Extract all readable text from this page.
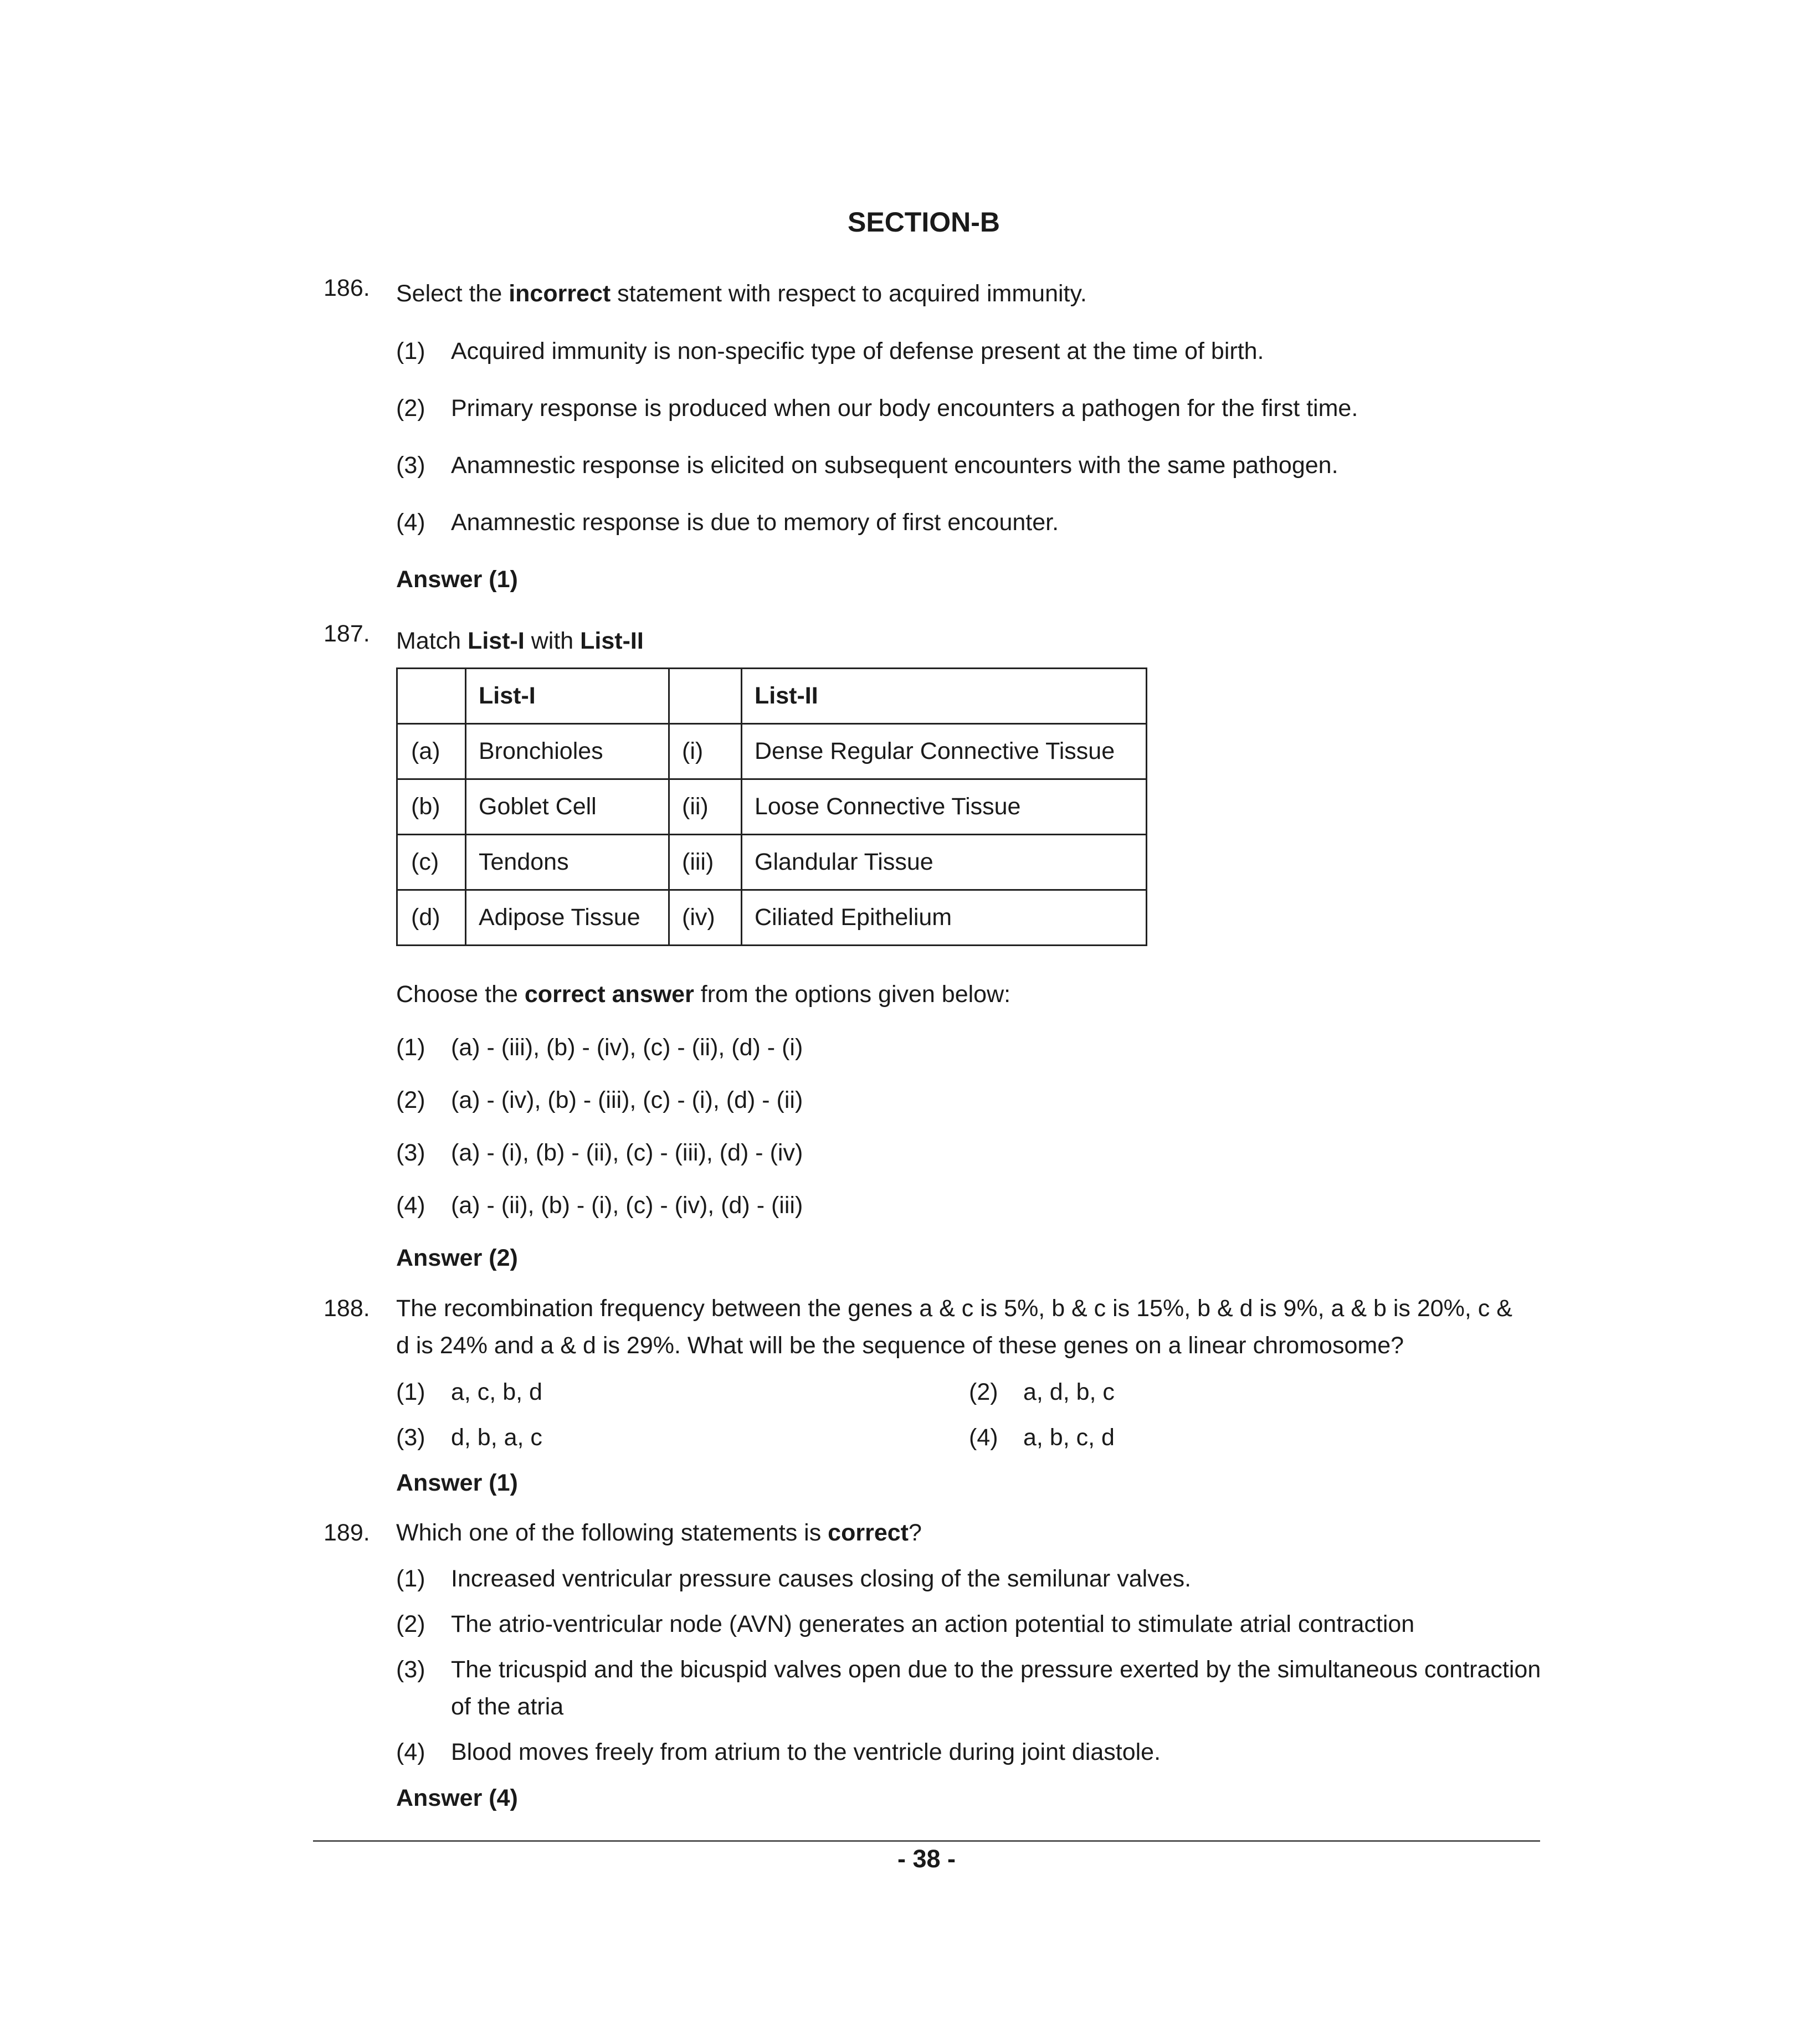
SECTION-B
186. Select the incorrect statement with respect to acquired immunity.
(1) Acquired immunity is non-specific type of defense present at the time of birth.
(2) Primary response is produced when our body encounters a pathogen for the first time.
(3) Anamnestic response is elicited on subsequent encounters with the same pathogen.
(4) Anamnestic response is due to memory of first encounter.
Answer (1)
187. Match List-I with List-II
	List-I		List-II
(a)	Bronchioles	(i)	Dense Regular Connective Tissue
(b)	Goblet Cell	(ii)	Loose Connective Tissue
(c)	Tendons	(iii)	Glandular Tissue
(d)	Adipose Tissue	(iv)	Ciliated Epithelium
Choose the correct answer from the options given below:
(1) (a) - (iii), (b) - (iv), (c) - (ii), (d) - (i)
(2) (a) - (iv), (b) - (iii), (c) - (i), (d) - (ii)
(3) (a) - (i), (b) - (ii), (c) - (iii), (d) - (iv)
(4) (a) - (ii), (b) - (i), (c) - (iv), (d) - (iii)
Answer (2)
188. The recombination frequency between the genes a & c is 5%, b & c is 15%, b & d is 9%, a & b is 20%, c &
d is 24% and a & d is 29%. What will be the sequence of these genes on a linear chromosome?
(1) a, c, b, d	(2) a, d, b, c
(3) d, b, a, c	(4) a, b, c, d
Answer (1)
189. Which one of the following statements is correct?
(1) Increased ventricular pressure causes closing of the semilunar valves.
(2) The atrio-ventricular node (AVN) generates an action potential to stimulate atrial contraction
(3) The tricuspid and the bicuspid valves open due to the pressure exerted by the simultaneous contraction
of the atria
(4) Blood moves freely from atrium to the ventricle during joint diastole.
Answer (4)
- 38 -
